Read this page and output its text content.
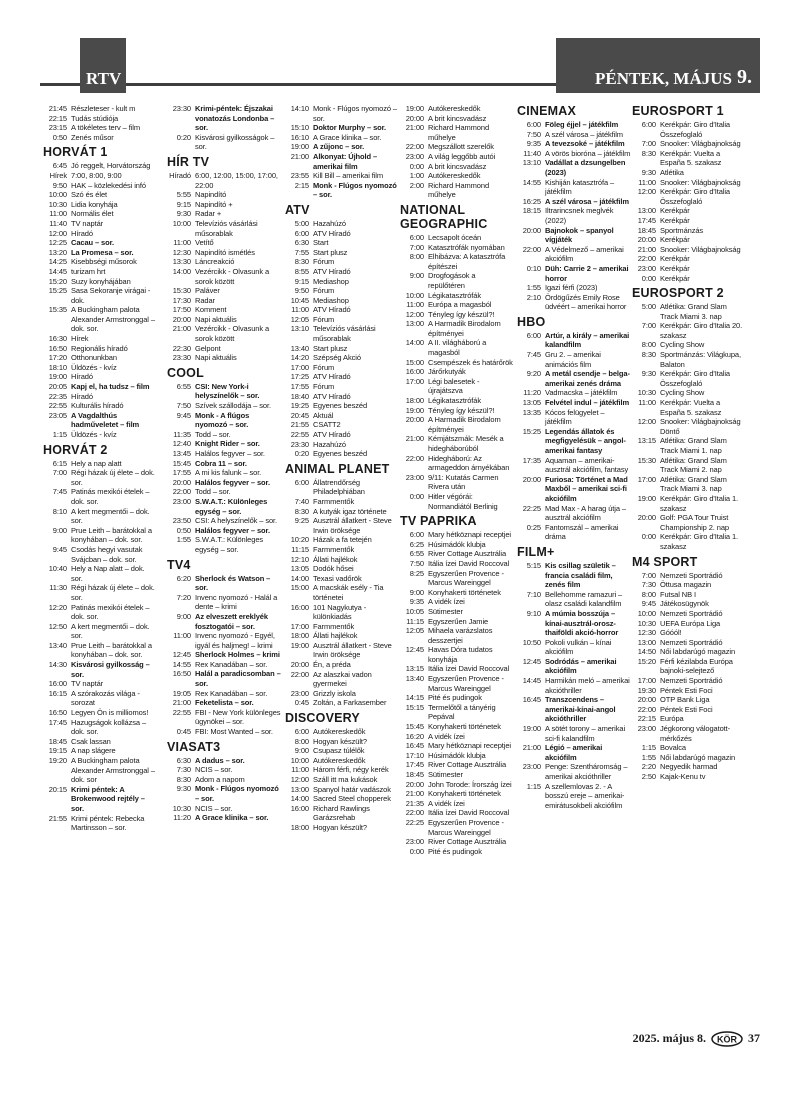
RTV	PÉNTEK, MÁJUS 9.
21:45 Részleteser - kult m
22:15 Tudás stúdiója
23:15 A tökéletes terv – film
0:50 Zenés műsor
HORVÁT 1
6:45 Jó reggelt, Horvátország
Hírek 7:00, 8:00, 9:00
9:50 HAK – közlekedési infó
10:00 Szó és élet
10:30 Lidia konyhája
11:00 Normális élet
11:40 TV naptár
12:00 Híradó
12:25 Cacau – sor.
13:20 La Promesa – sor.
14:25 Kisebbségi műsorok
14:45 turizam hrt
15:20 Suzy konyhájában
15:25 Sasa Sekoranje virágai - dok.
15:35 A Buckingham palota Alexander Armstronggal – dok. sor.
16:30 Hírek
16:50 Regionális híradó
17:20 Otthonunkban
18:10 Üldözés - kvíz
19:00 Híradó
20:05 Kapj el, ha tudsz – film
22:35 Híradó
22:55 Kulturális híradó
23:05 A Vagdalthús hadműveletet – film
1:15 Üldözés - kvíz
HORVÁT 2
6:15 Hely a nap alatt
7:00 Régi házak új élete – dok. sor.
7:45 Patinás mexikói ételek – dok. sor.
8:10 A kert megmentői – dok. sor.
9:00 Prue Leith – barátokkal a konyhában – dok. sor.
9:45 Csodás hegyi vasutak Svájcban – dok. sor.
10:40 Hely a Nap alatt – dok. sor.
11:30 Régi házak új élete – dok. sor.
12:20 Patinás mexikói ételek – dok. sor.
12:50 A kert megmentői – dok. sor.
13:40 Prue Leith – barátokkal a konyhában – dok. sor.
14:30 Kisvárosi gyilkosság – sor.
16:00 TV naptár
16:15 A szórakozás világa - sorozat
16:50 Legyen Ön is milliomos!
17:45 Hazugságok kollázsa – dok. sor.
18:45 Csak lassan
19:15 A nap slágere
19:20 A Buckingham palota Alexander Armstronggal – dok. sor
20:15 Krimi péntek: A Brokenwood rejtély – sor.
21:55 Krimi péntek: Rebecka Martinsson – sor.
23:30 Krimi-péntek: Éjszakai vonatozás Londonba – sor.
0:20 Kisvárosi gyilkosságok – sor.
HÍR TV
Híradó 6:00, 12:00, 15:00, 17:00, 22:00
5:55 Napindító
9:15 Napindító +
9:30 Radar +
10:00 Televíziós vásárlási műsorablak
11:00 Vetítő
12:30 Napindító ismétlés
13:30 Láncreakció
14:00 Vezércikk - Olvasunk a sorok között
15:30 Paláver
17:30 Radar
17:50 Komment
20:00 Napi aktuális
21:00 Vezércikk - Olvasunk a sorok között
22:30 Gelpont
23:30 Napi aktuális
COOL
6:55 CSI: New York-i helyszínelők – sor.
7:50 Szívek szállodája – sor.
9:45 Monk - A flúgos nyomozó – sor.
11:35 Todd – sor.
12:40 Knight Rider – sor.
13:45 Halálos fegyver – sor.
15:45 Cobra 11 – sor.
17:55 A mi kis falunk – sor.
20:00 Halálos fegyver – sor.
22:00 Todd – sor.
23:00 S.W.A.T.: Különleges egység – sor.
23:50 CSI: A helyszínelők – sor.
0:50 Halálos fegyver – sor.
1:55 S.W.A.T.: Különleges egység – sor.
TV4
6:20 Sherlock és Watson – sor.
7:20 Invenc nyomozó - Halál a dente – krimi
9:00 Az elveszett ereklyék fosztogatói – sor.
11:00 Invenc nyomozó - Egyél, igyál és haljmeg! – krimi
12:45 Sherlock Holmes – krimi
14:55 Rex Kanadában – sor.
16:50 Halál a paradicsomban – sor.
19:05 Rex Kanadában – sor.
21:00 Feketelista – sor.
22:55 FBI - New York különleges ügynökei – sor.
0:45 FBI: Most Wanted – sor.
VIASAT3
6:30 A dadus – sor.
7:30 NCIS – sor.
8:30 Adom a napom
9:30 Monk - Flúgos nyomozó – sor.
10:30 NCIS – sor.
11:20 A Grace klinika – sor.
14:10 Monk - Flúgos nyomozó – sor.
15:10 Doktor Murphy – sor.
16:10 A Grace klinika – sor.
19:00 A zűjonc – sor.
21:00 Alkonyat: Újhold – amerikai film
23:55 Kill Bill – amerikai film
2:15 Monk - Flúgos nyomozó – sor.
ATV
5:00 Hazahúzó
6:00 ATV Híradó
6:30 Start
7:55 Start plusz
8:30 Fórum
8:55 ATV Híradó
9:15 Mediashop
9:50 Fórum
10:45 Mediashop
11:00 ATV Híradó
12:05 Fórum
13:10 Televíziós vásárlási műsorablak
13:40 Start plusz
14:20 Szépség Akció
17:00 Fórum
17:25 ATV Híradó
17:55 Fórum
18:40 ATV Híradó
19:25 Egyenes beszéd
20:45 Aktuál
21:55 CSATT2
22:55 ATV Híradó
23:30 Hazahúzó
0:20 Egyenes beszéd
ANIMAL PLANET
6:00 Állatrendőrség Philadelphiában
7:40 Farmmentők
8:30 A kutyák igaz története
9:25 Ausztrál állatkert - Steve Irwin öröksége
10:20 Házak a fa tetején
11:15 Farmmentők
12:10 Állati hajlékok
13:05 Dodók hősei
14:00 Texasi vadőrök
15:00 A macskák esély - Tia történetei
16:00 101 Nagykutya - különkiadás
17:00 Farmmentők
18:00 Állati hajlékok
19:00 Ausztrál állatkert - Steve Irwin öröksége
20:00 Én, a préda
22:00 Az alaszkai vadon gyermekei
23:00 Grizzly iskola
0:45 Zoltán, a Farkasember
DISCOVERY
6:00 Autókereskedők
8:00 Hogyan készült?
9:00 Csupasz túlélők
10:00 Autókereskedők
11:00 Három férfi, négy kerék
12:00 Száll itt ma kukások
13:00 Spanyol határ vadászok
14:00 Sacred Steel chopperek
16:00 Richard Rawlings Garázsrehab
18:00 Hogyan készült?
19:00 Autókereskedők
20:00 A brit kincsvadász
21:00 Richard Hammond műhelye
22:00 Megszállott szerelők
23:00 A világ leggőbb autói
0:00 A brit kincsvadász
1:00 Autókereskedők
2:00 Richard Hammond műhelye
NATIONAL GEOGRAPHIC
6:00 Lecsapolt óceán
7:00 Katasztrófák nyomában
8:00 Elhibázva: A katasztrófa építészei
9:00 Drogfogások a repülőtéren
10:00 Légikatasztrófák
11:00 Európa a magasból
12:00 Tényleg így készül?!
13:00 A Harmadik Birodalom építményei
14:00 A II. világháború a magasból
15:00 Csempészek és határőrök
16:00 Járőrkutyák
17:00 Légi balesetek - újrajátszva
18:00 Légikatasztrófák
19:00 Tényleg így készül?!
20:00 A Harmadik Birodalom építményei
21:00 Kémjátszmák: Mesék a hidegháborúból
22:00 Hidegháború: Az armageddon árnyékában
23:00 9/11: Kutatás Carmen Rivera után
0:00 Hitler végórái: Normandiától Berlinig
TV PAPRIKA
6:00 Mary hétköznapi receptjei
6:25 Húsimádók klubja
6:55 River Cottage Ausztrália
7:50 Itália ízei David Roccoval
8:25 Egyszerűen Provence - Marcus Wareinggel
9:00 Konyhakerti történetek
9:35 A vidék ízei
10:05 Sütimester
11:15 Egyszerűen Jamie
12:05 Mihaela varázslatos desszertjei
12:45 Havas Dóra tudatos konyhája
13:15 Itália ízei David Roccoval
13:40 Egyszerűen Provence - Marcus Wareinggel
14:15 Pité és pudingok
15:15 Termelőtől a tányérig Pepával
15:45 Konyhakerti történetek
16:20 A vidék ízei
16:45 Mary hétköznapi receptjei
17:10 Húsimádók klubja
17:45 River Cottage Ausztrália
18:45 Sütimester
20:00 John Torode: Írország ízei
21:00 Konyhakerti történetek
21:35 A vidék ízei
22:00 Itália ízei David Roccoval
22:25 Egyszerűen Provence - Marcus Wareinggel
23:00 River Cottage Ausztrália
0:00 Pité és pudingok
CINEMAX
6:00 Föleg éjjel – játékfilm
7:50 A szél városa – játékfilm
9:35 A tevezsoké – játékfilm
11:40 A vörös bioróna – játékfilm
13:10 Vadállat a dzsungelben (2023)
14:55 Kishiján katasztrófa – játékfilm
16:25 A szél városa – játékfilm
18:15 Iltrarincsnek meglvék (2022)
20:00 Bajnokok – spanyol vígjáték
22:00 A Védelmező – amerikai akciófilm
0:10 Düh: Carrie 2 – amerikai horror
1:55 Igazi férfi (2023)
2:10 Ördögűzés Emily Rose üdvéért – amerikai horror
HBO
6:00 Artúr, a király – amerikai kalandfilm
7:45 Gru 2. – amerikai animációs film
9:20 A metál csendje – belga-amerikai zenés dráma
11:20 Vadmacska – játékfilm
13:05 Felvétel indul – játékfilm
13:35 Kócos felügyelet – játékfilm
15:25 Legendás állatok és megfigyelésük – angol-amerikai fantasy
17:35 Aquaman – amerikai-ausztrál akciófilm, fantasy
20:00 Furiosa: Történet a Mad Maxből – amerikai sci-fi akciófilm
22:25 Mad Max - A harag útja – ausztrál akciófilm
0:25 Fantomszál – amerikai dráma
FILM+
5:15 Kis csillag születik – francia családi film, zenés film
7:10 Bellehomme ramazuri – olasz családi kalandfilm
9:10 A múmia bosszúja – kínai-ausztrál-orosz-thaiföldi akció-horror
10:50 Pokoli vulkán – kínai akciófilm
12:45 Sodródás – amerikai akciófilm
14:45 Harmikán meló – amerikai akcióthriller
16:45 Transzcendens – amerikai-kínai-angol akcióthriller
19:00 A sötét torony – amerikai sci-fi kalandfilm
21:00 Légió – amerikai akciófilm
23:00 Penge: Szentháromság – amerikai akcióthriller
1:15 A szellemlovas 2. - A bosszú ereje – amerikai-emirátusokbeli akciófilm
EUROSPORT 1
6:00 Kerékpár: Giro d'Italia Összefoglaló
7:00 Snooker: Világbajnokság
8:30 Kerékpár: Vuelta a España 5. szakasz
9:30 Atlétika
11:00 Snooker: Világbajnokság
12:00 Kerékpár: Giro d'Italia Összefoglaló
13:00 Kerékpár
17:45 Kerékpár
18:45 Sportmánzás
20:00 Kerékpár
21:00 Snooker: Világbajnokság
22:00 Kerékpár
23:00 Kerékpár
0:00 Kerékpár
EUROSPORT 2
5:00 Atlétika: Grand Slam Track Miami 3. nap
7:00 Kerékpár: Giro d'Italia 20. szakasz
8:00 Cycling Show
8:30 Sportmánzás: Világkupa, Balaton
9:30 Kerékpár: Giro d'Italia Összefoglaló
10:30 Cycling Show
11:00 Kerékpár: Vuelta a España 5. szakasz
12:00 Snooker: Világbajnokság Döntő
13:15 Atlétika: Grand Slam Track Miami 1. nap
15:30 Atlétika: Grand Slam Track Miami 2. nap
17:00 Atlétika: Grand Slam Track Miami 3. nap
19:00 Kerékpár: Giro d'Italia 1. szakasz
20:00 Golf: PGA Tour Truist Championship 2. nap
0:00 Kerékpár: Giro d'Italia 1. szakasz
M4 SPORT
7:00 Nemzeti Sportrádió
7:30 Öttusa magazin
8:00 Futsal NB I
9:45 Játékosügynök
10:00 Nemzeti Sportrádió
10:30 UEFA Európa Liga
12:30 Góóól!
13:00 Nemzeti Sportrádió
14:50 Női labdarúgó magazin
15:20 Férfi kézilabda Európa bajnoki-selejtező
17:00 Nemzeti Sportrádió
19:30 Péntek Esti Foci
20:00 OTP Bank Liga
22:00 Péntek Esti Foci
22:15 Európa
23:00 Jégkorong válogatott-mérkőzés
1:15 Bovalca
1:55 Női labdarúgó magazin
2:20 Negyedik harmad
2:50 Kajak-Kenu tv
2025. május 8. KÖR 37
